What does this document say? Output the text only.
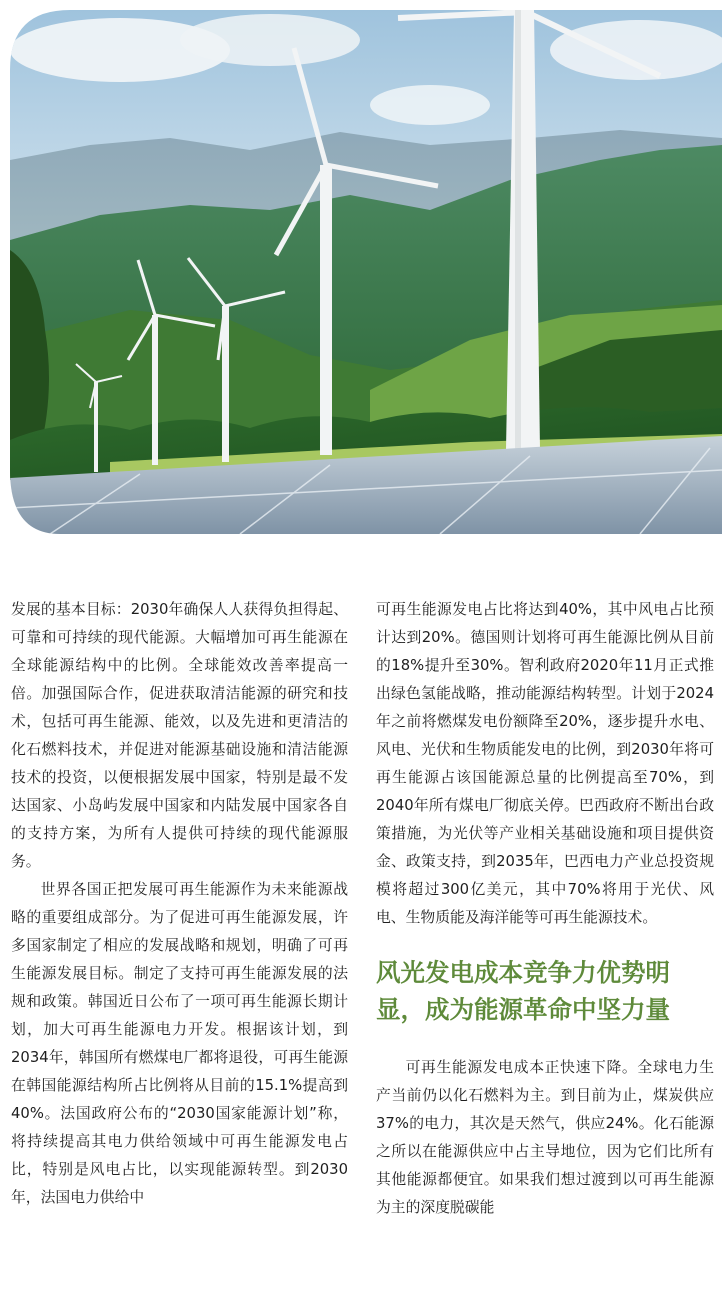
发展的基本目标：2030年确保人人获得负担得起、可靠和可持续的现代能源。大幅增加可再生能源在全球能源结构中的比例。全球能效改善率提高一倍。加强国际合作，促进获取清洁能源的研究和技术，包括可再生能源、能效，以及先进和更清洁的化石燃料技术，并促进对能源基础设施和清洁能源技术的投资，以便根据发展中国家，特别是最不发达国家、小岛屿发展中国家和内陆发展中国家各自的支持方案，为所有人提供可持续的现代能源服务。

世界各国正把发展可再生能源作为未来能源战略的重要组成部分。为了促进可再生能源发展，许多国家制定了相应的发展战略和规划，明确了可再生能源发展目标。制定了支持可再生能源发展的法规和政策。韩国近日公布了一项可再生能源长期计划，加大可再生能源电力开发。根据该计划，到2034年，韩国所有燃煤电厂都将退役，可再生能源在韩国能源结构所占比例将从目前的15.1%提高到40%。法国政府公布的“2030国家能源计划”称，将持续提高其电力供给领域中可再生能源发电占比，特别是风电占比，以实现能源转型。到2030年，法国电力供给中

可再生能源发电占比将达到40%，其中风电占比预计达到20%。德国则计划将可再生能源比例从目前的18%提升至30%。智利政府2020年11月正式推出绿色氢能战略，推动能源结构转型。计划于2024年之前将燃煤发电份额降至20%，逐步提升水电、风电、光伏和生物质能发电的比例，到2030年将可再生能源占该国能源总量的比例提高至70%，到2040年所有煤电厂彻底关停。巴西政府不断出台政策措施，为光伏等产业相关基础设施和项目提供资金、政策支持，到2035年，巴西电力产业总投资规模将超过300亿美元，其中70%将用于光伏、风电、生物质能及海洋能等可再生能源技术。

风光发电成本竞争力优势明显，成为能源革命中坚力量

可再生能源发电成本正快速下降。全球电力生产当前仍以化石燃料为主。到目前为止，煤炭供应37%的电力，其次是天然气，供应24%。化石能源之所以在能源供应中占主导地位，因为它们比所有其他能源都便宜。如果我们想过渡到以可再生能源为主的深度脱碳能
